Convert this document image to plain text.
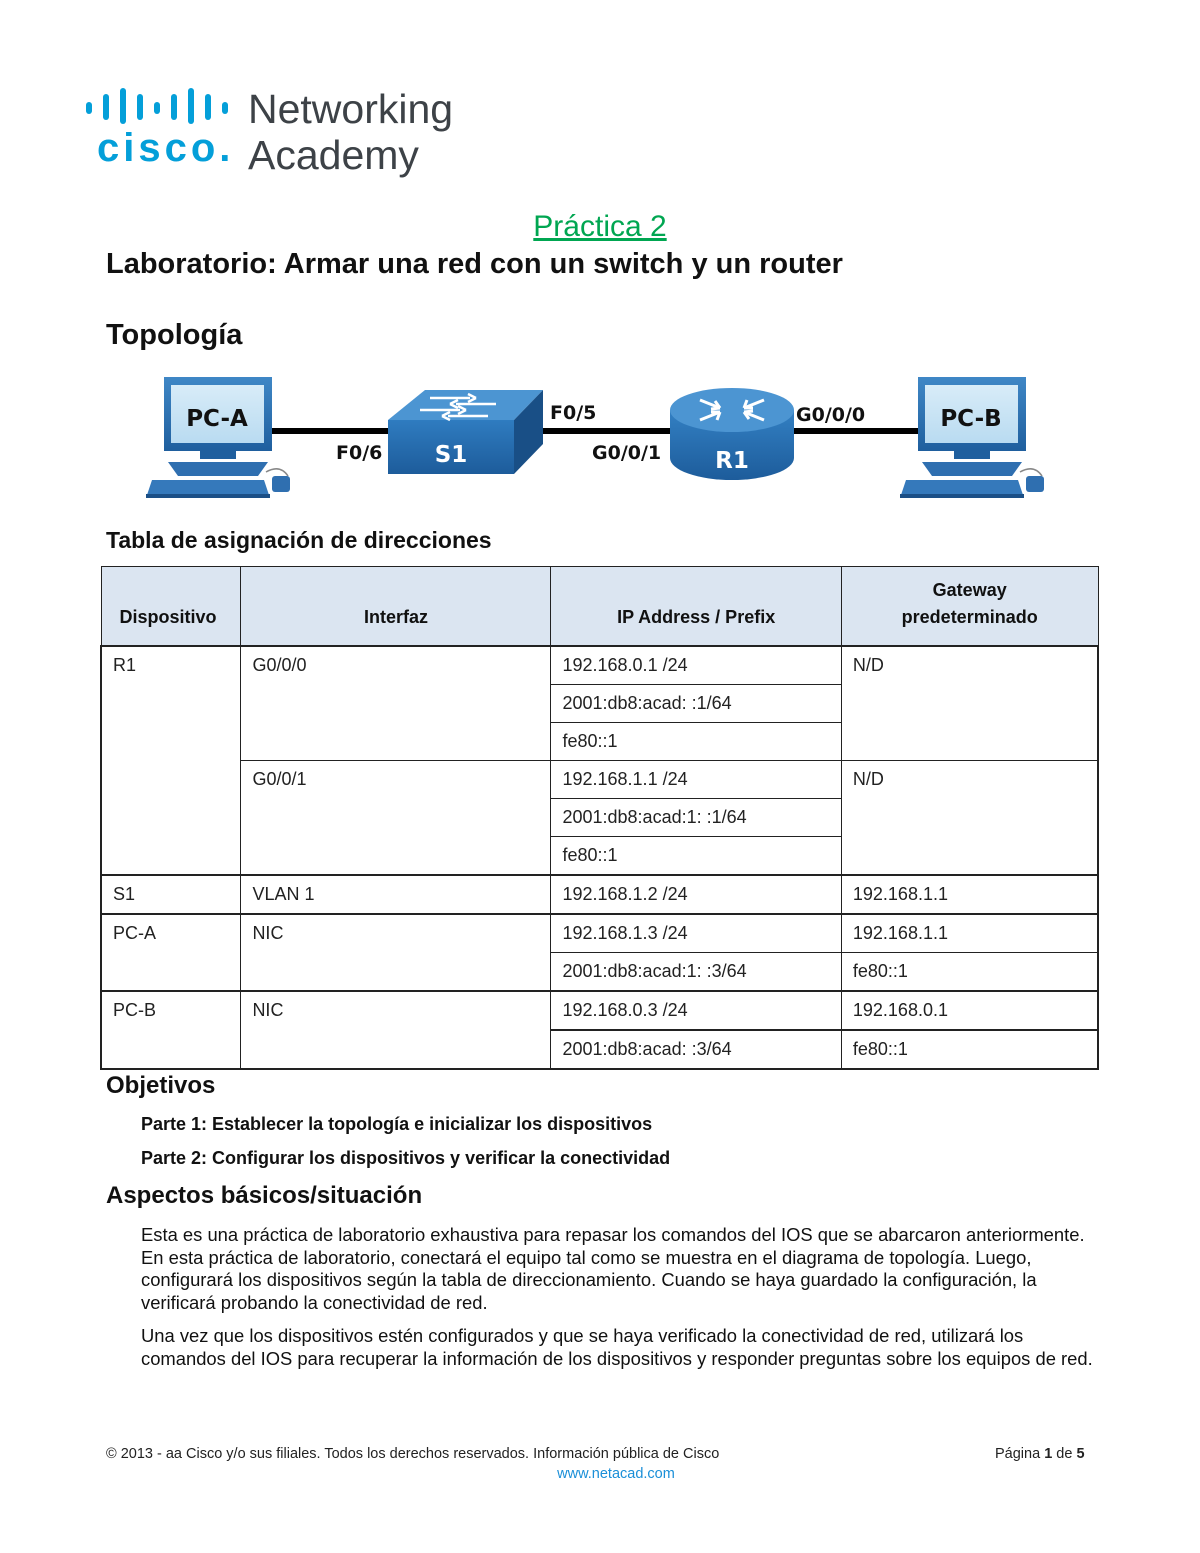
cisco.
Networking
Academy
Práctica 2
Laboratorio: Armar una red con un switch y un router
Topología
PC-A
S1	R1
PC-B
F0/6
F0/5
G0/0/1
G0/0/0
Tabla de asignación de direcciones
Dispositivo	Interfaz	IP Address / Prefix	Gateway
predeterminado
R1	G0/0/0	192.168.0.1 /24	N/D
		2001:db8:acad: :1/64	
		fe80::1	
	G0/0/1	192.168.1.1 /24	N/D
		2001:db8:acad:1: :1/64	
		fe80::1	
S1	VLAN 1	192.168.1.2 /24	192.168.1.1
PC-A	NIC	192.168.1.3 /24	192.168.1.1
		2001:db8:acad:1: :3/64	fe80::1
PC-B	NIC	192.168.0.3 /24	192.168.0.1
		2001:db8:acad: :3/64	fe80::1
Objetivos
Parte 1: Establecer la topología e inicializar los dispositivos
Parte 2: Configurar los dispositivos y verificar la conectividad
Aspectos básicos/situación

Esta es una práctica de laboratorio exhaustiva para repasar los comandos del IOS que se abarcaron anteriormente. En esta práctica de laboratorio, conectará el equipo tal como se muestra en el diagrama de topología. Luego, configurará los dispositivos según la tabla de direccionamiento. Cuando se haya guardado la configuración, la verificará probando la conectividad de red.

Una vez que los dispositivos estén configurados y que se haya verificado la conectividad de red, utilizará los comandos del IOS para recuperar la información de los dispositivos y responder preguntas sobre los equipos de red.

© 2013 - aa Cisco y/o sus filiales. Todos los derechos reservados. Información pública de Cisco	Página 1 de 5
www.netacad.com
